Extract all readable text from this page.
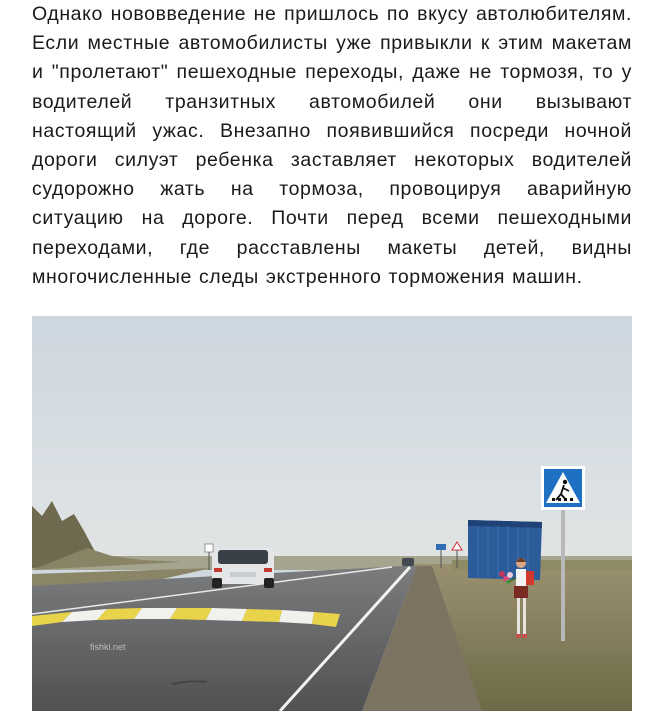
Однако нововведение не пришлось по вкусу автолюбителям. Если местные автомобилисты уже привыкли к этим макетам и "пролетают" пешеходные переходы, даже не тормозя, то у водителей транзитных автомобилей они вызывают настоящий ужас. Внезапно появившийся посреди ночной дороги силуэт ребенка заставляет некоторых водителей судорожно жать на тормоза, провоцируя аварийную ситуацию на дороге. Почти перед всеми пешеходными переходами, где расставлены макеты детей, видны многочисленные следы экстренного торможения машин.

fishki.net
